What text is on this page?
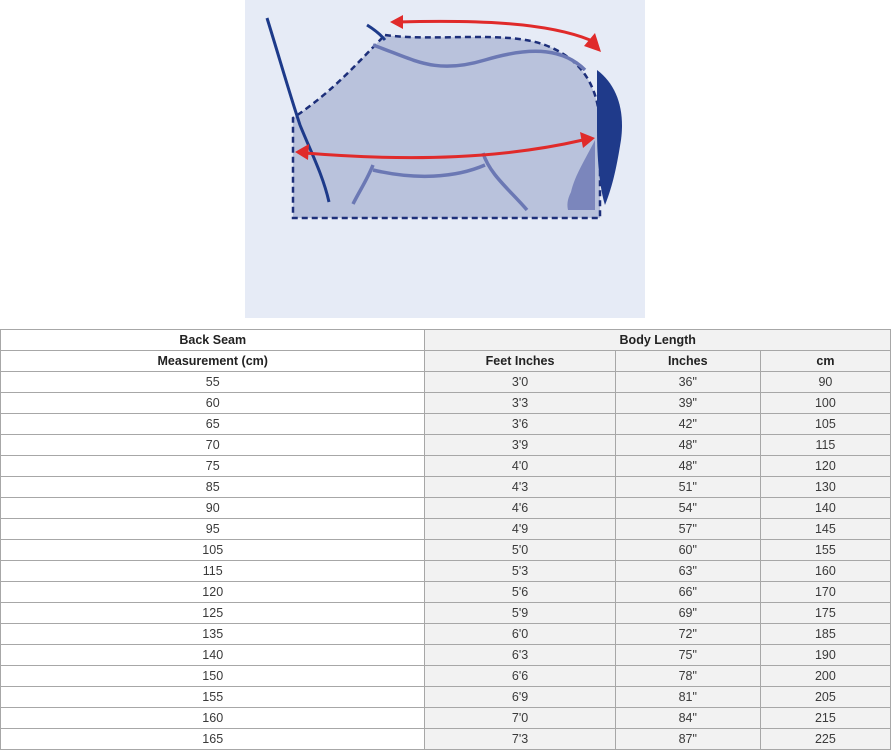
Back Seam	Body Length		
Measurement (cm)	Feet Inches	Inches	cm
55	3'0	36"	90
60	3'3	39"	100
65	3'6	42"	105
70	3'9	48"	115
75	4'0	48"	120
85	4'3	51"	130
90	4'6	54"	140
95	4'9	57"	145
105	5'0	60"	155
115	5'3	63"	160
120	5'6	66"	170
125	5'9	69"	175
135	6'0	72"	185
140	6'3	75"	190
150	6'6	78"	200
155	6'9	81"	205
160	7'0	84"	215
165	7'3	87"	225
